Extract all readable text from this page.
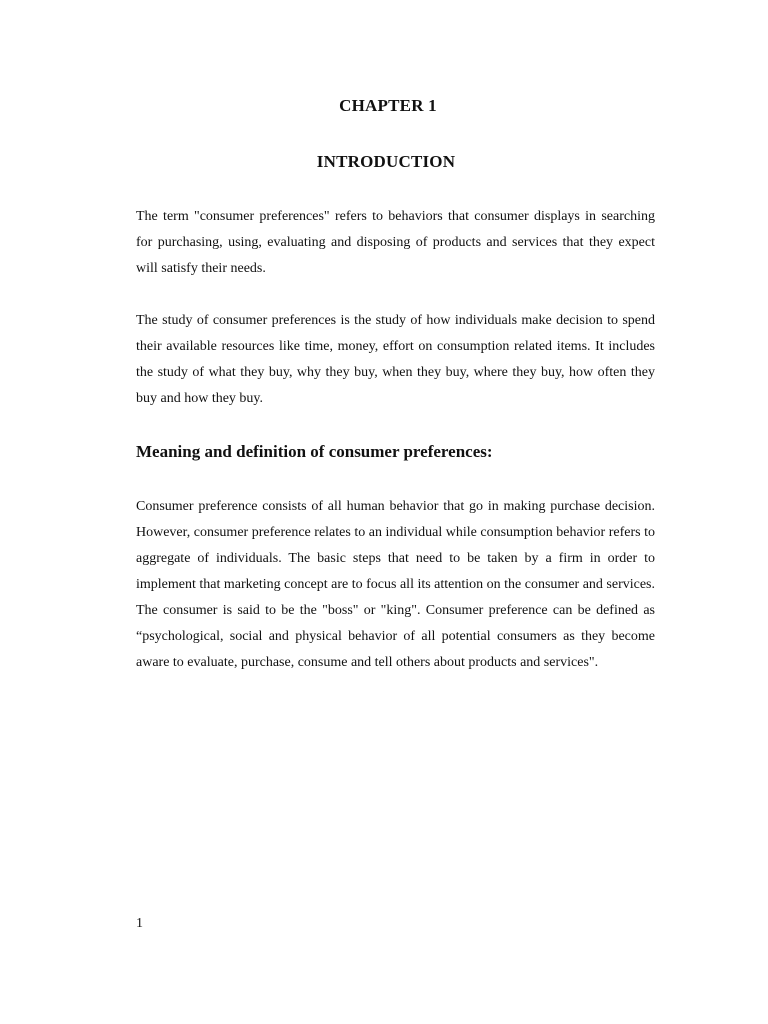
CHAPTER 1
INTRODUCTION

The term "consumer preferences" refers to behaviors that consumer displays in searching for purchasing, using, evaluating and disposing of products and services that they expect will satisfy their needs.

The study of consumer preferences is the study of how individuals make decision to spend their available resources like time, money, effort on consumption related items. It includes the study of what they buy, why they buy, when they buy, where they buy, how often they buy and how they buy.

Meaning and definition of consumer preferences:

Consumer preference consists of all human behavior that go in making purchase decision. However, consumer preference relates to an individual while consumption behavior refers to aggregate of individuals. The basic steps that need to be taken by a firm in order to implement that marketing concept are to focus all its attention on the consumer and services. The consumer is said to be the "boss" or "king". Consumer preference can be defined as “psychological, social and physical behavior of all potential consumers as they become aware to evaluate, purchase, consume and tell others about products and services".

1
